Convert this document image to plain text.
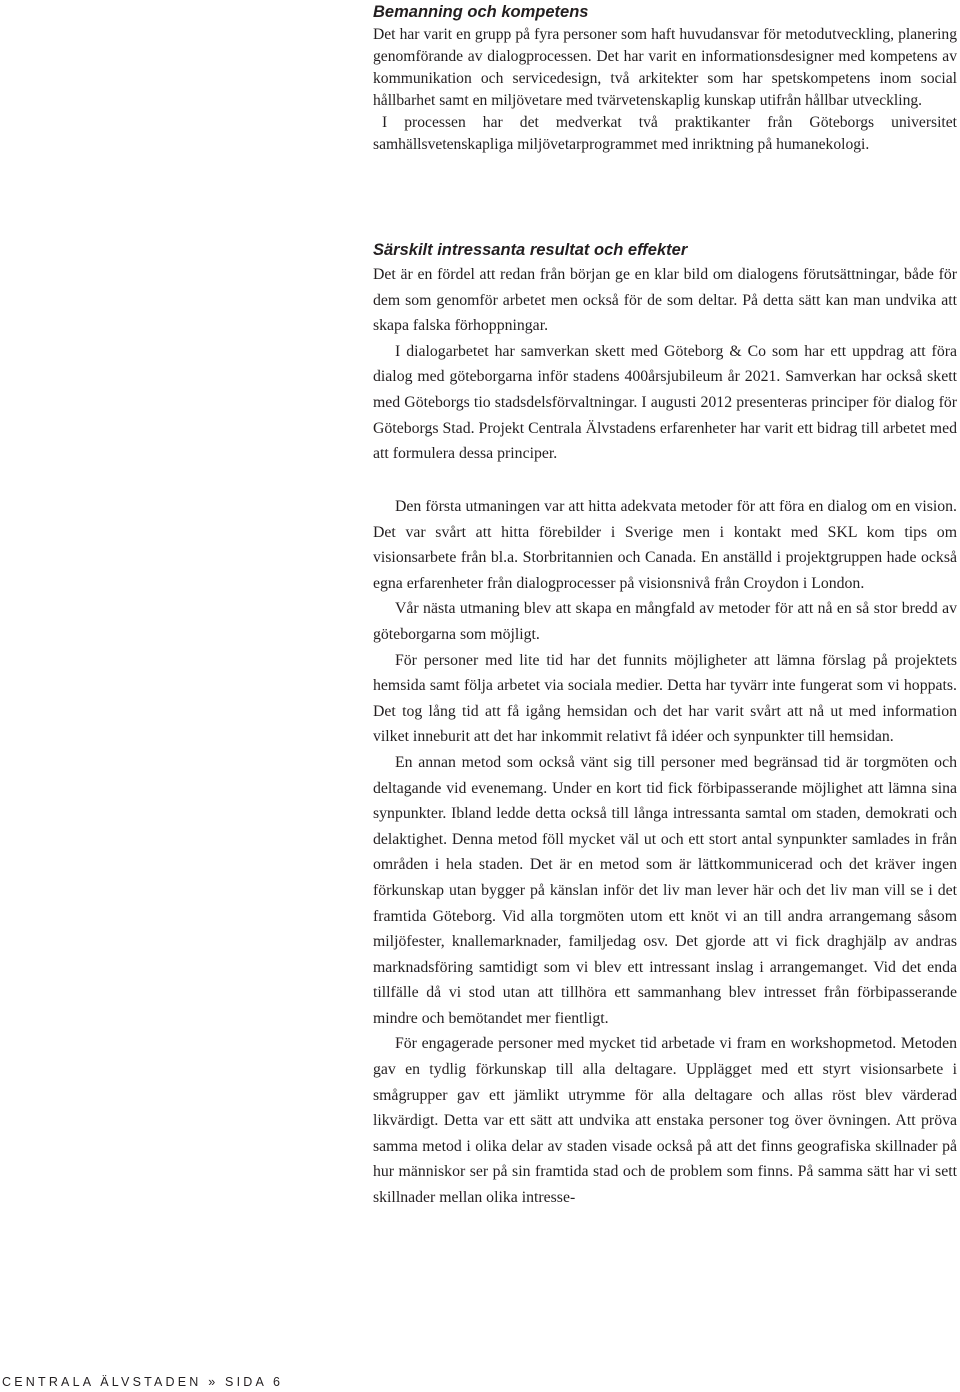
Bemanning och kompetens

Det har varit en grupp på fyra personer som haft huvudansvar för metodutveckling, planering genomförande av dialogprocessen. Det har varit en informationsdesigner med kompetens av kommunikation och servicedesign, två arkitekter som har spetskompetens inom social hållbarhet samt en miljövetare med tvärvetenskaplig kunskap utifrån hållbar utveckling.

I processen har det medverkat två praktikanter från Göteborgs universitet samhällsvetenskapliga miljövetarprogrammet med inriktning på humanekologi.

Särskilt intressanta resultat och effekter

Det är en fördel att redan från början ge en klar bild om dialogens förutsättningar, både för dem som genomför arbetet men också för de som deltar. På detta sätt kan man undvika att skapa falska förhoppningar.

I dialogarbetet har samverkan skett med Göteborg & Co som har ett uppdrag att föra dialog med göteborgarna inför stadens 400årsjubileum år 2021. Samverkan har också skett med Göteborgs tio stadsdelsförvaltningar. I augusti 2012 presenteras principer för dialog för Göteborgs Stad. Projekt Centrala Älvstadens erfarenheter har varit ett bidrag till arbetet med att formulera dessa principer.

Den första utmaningen var att hitta adekvata metoder för att föra en dialog om en vision. Det var svårt att hitta förebilder i Sverige men i kontakt med SKL kom tips om visionsarbete från bl.a. Storbritannien och Canada. En anställd i projektgruppen hade också egna erfarenheter från dialogprocesser på visionsnivå från Croydon i London.

Vår nästa utmaning blev att skapa en mångfald av metoder för att nå en så stor bredd av göteborgarna som möjligt.

För personer med lite tid har det funnits möjligheter att lämna förslag på projektets hemsida samt följa arbetet via sociala medier. Detta har tyvärr inte fungerat som vi hoppats. Det tog lång tid att få igång hemsidan och det har varit svårt att nå ut med information vilket inneburit att det har inkommit relativt få idéer och synpunkter till hemsidan.

En annan metod som också vänt sig till personer med begränsad tid är torgmöten och deltagande vid evenemang. Under en kort tid fick förbipasserande möjlighet att lämna sina synpunkter. Ibland ledde detta också till långa intressanta samtal om staden, demokrati och delaktighet. Denna metod föll mycket väl ut och ett stort antal synpunkter samlades in från områden i hela staden. Det är en metod som är lättkommunicerad och det kräver ingen förkunskap utan bygger på känslan inför det liv man lever här och det liv man vill se i det framtida Göteborg. Vid alla torgmöten utom ett knöt vi an till andra arrangemang såsom miljöfester, knallemarknader, familjedag osv. Det gjorde att vi fick draghjälp av andras marknadsföring samtidigt som vi blev ett intressant inslag i arrangemanget. Vid det enda tillfälle då vi stod utan att tillhöra ett sammanhang blev intresset från förbipasserande mindre och bemötandet mer fientligt.

För engagerade personer med mycket tid arbetade vi fram en workshopmetod. Metoden gav en tydlig förkunskap till alla deltagare. Upplägget med ett styrt visionsarbete i smågrupper gav ett jämlikt utrymme för alla deltagare och allas röst blev värderad likvärdigt. Detta var ett sätt att undvika att enstaka personer tog över övningen. Att pröva samma metod i olika delar av staden visade också på att det finns geografiska skillnader på hur människor ser på sin framtida stad och de problem som finns. På samma sätt har vi sett skillnader mellan olika intresse-

CENTRALA ÄLVSTADEN » SIDA 6
